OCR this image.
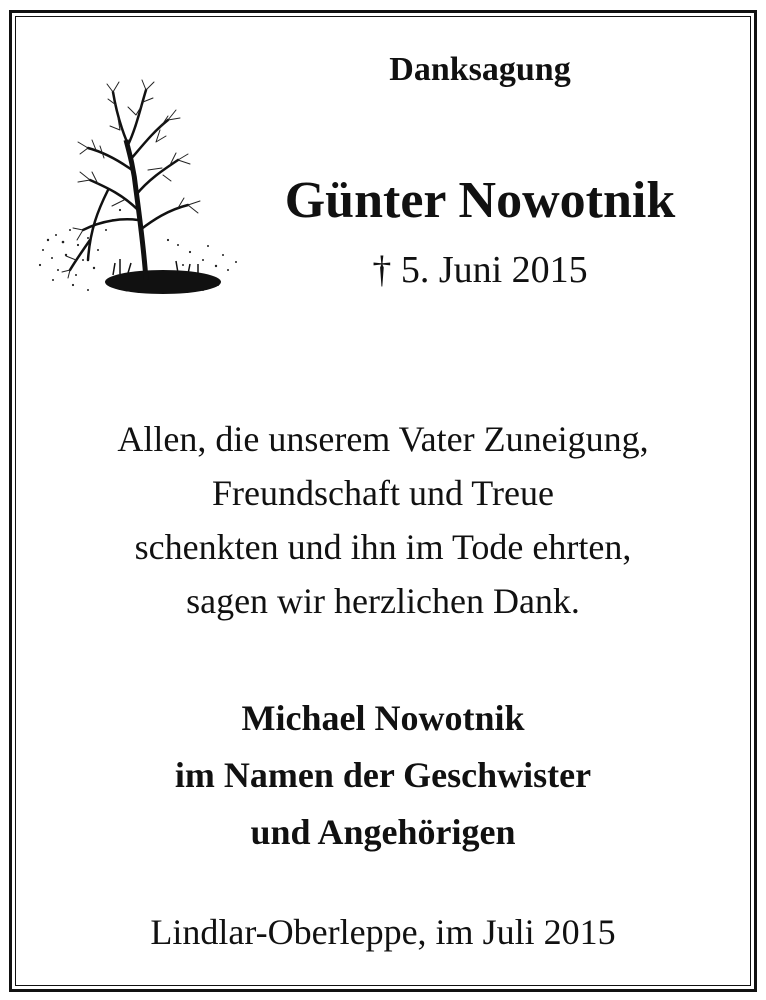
Danksagung
Günter Nowotnik
† 5. Juni 2015
Allen, die unserem Vater Zuneigung,
Freundschaft und Treue
schenkten und ihn im Tode ehrten,
sagen wir herzlichen Dank.
Michael Nowotnik
im Namen der Geschwister
und Angehörigen
Lindlar-Oberleppe, im Juli 2015
